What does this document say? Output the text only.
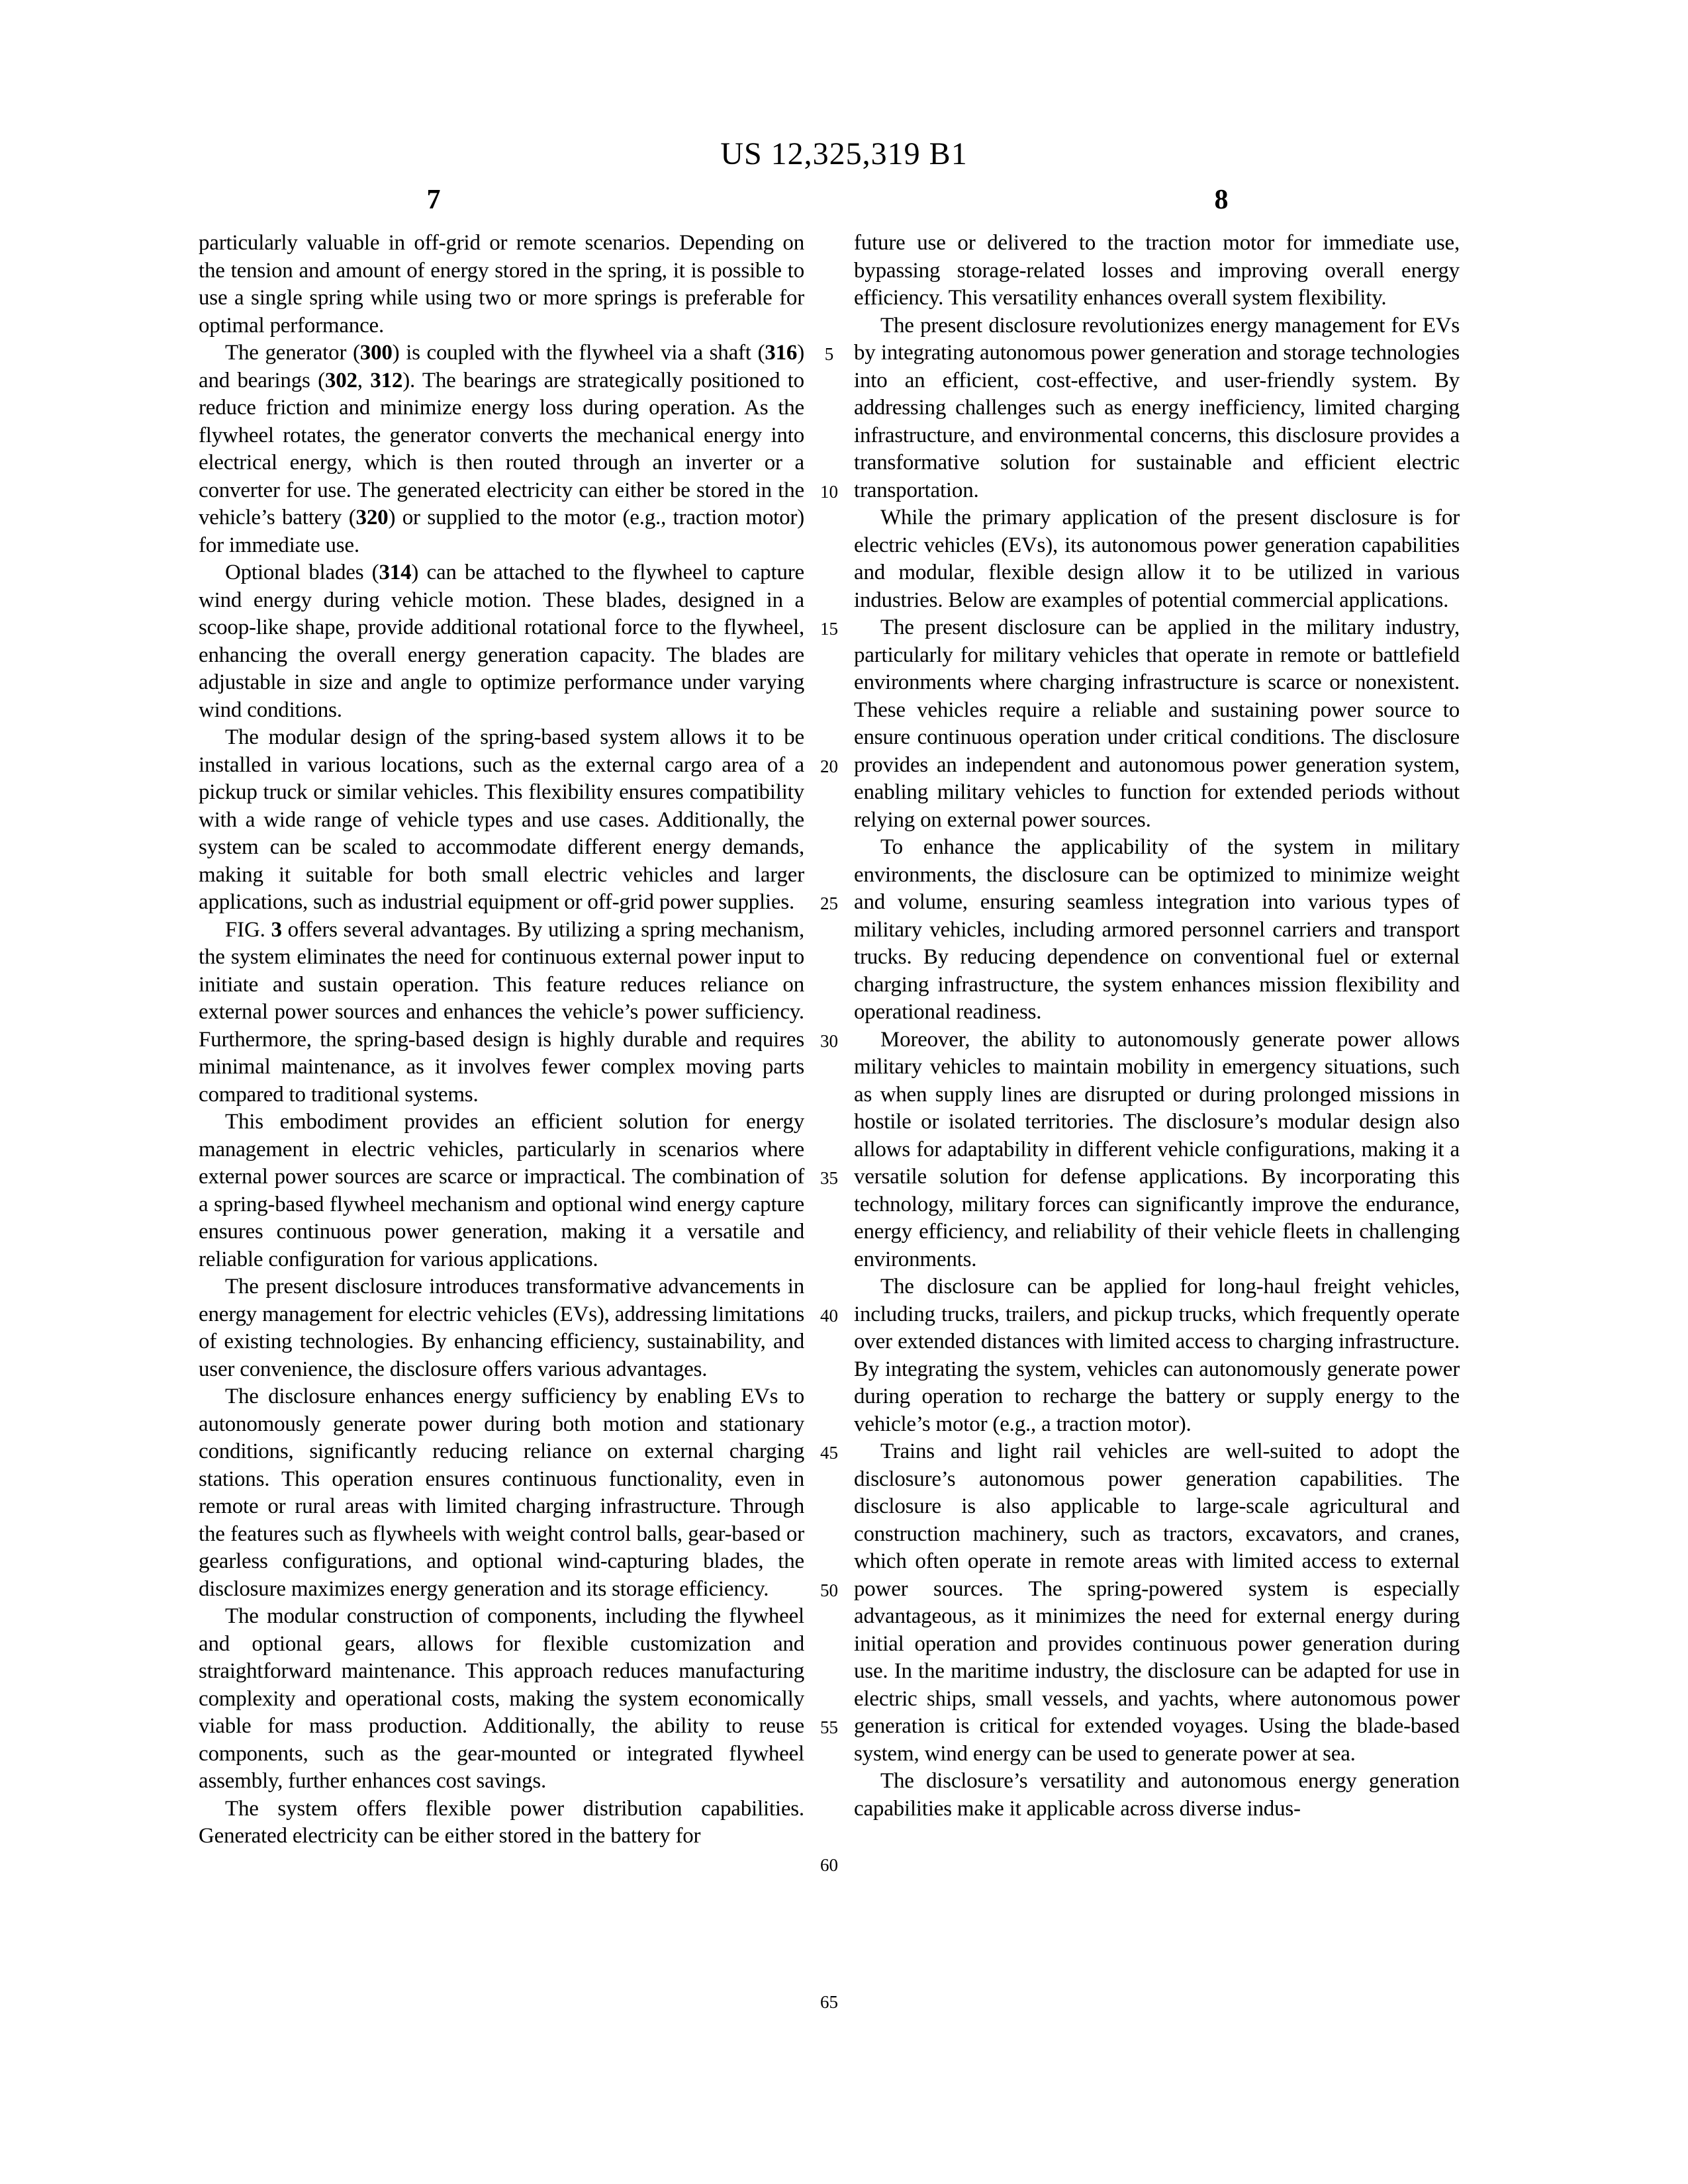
US 12,325,319 B1
7	8

particularly valuable in off-grid or remote scenarios. Depending on the tension and amount of energy stored in the spring, it is possible to use a single spring while using two or more springs is preferable for optimal performance.

The generator (300) is coupled with the flywheel via a shaft (316) and bearings (302, 312). The bearings are strategically positioned to reduce friction and minimize energy loss during operation. As the flywheel rotates, the generator converts the mechanical energy into electrical energy, which is then routed through an inverter or a converter for use. The generated electricity can either be stored in the vehicle’s battery (320) or supplied to the motor (e.g., traction motor) for immediate use.

Optional blades (314) can be attached to the flywheel to capture wind energy during vehicle motion. These blades, designed in a scoop-like shape, provide additional rotational force to the flywheel, enhancing the overall energy generation capacity. The blades are adjustable in size and angle to optimize performance under varying wind conditions.

The modular design of the spring-based system allows it to be installed in various locations, such as the external cargo area of a pickup truck or similar vehicles. This flexibility ensures compatibility with a wide range of vehicle types and use cases. Additionally, the system can be scaled to accommodate different energy demands, making it suitable for both small electric vehicles and larger applications, such as industrial equipment or off-grid power supplies.

FIG. 3 offers several advantages. By utilizing a spring mechanism, the system eliminates the need for continuous external power input to initiate and sustain operation. This feature reduces reliance on external power sources and enhances the vehicle’s power sufficiency. Furthermore, the spring-based design is highly durable and requires minimal maintenance, as it involves fewer complex moving parts compared to traditional systems.

This embodiment provides an efficient solution for energy management in electric vehicles, particularly in scenarios where external power sources are scarce or impractical. The combination of a spring-based flywheel mechanism and optional wind energy capture ensures continuous power generation, making it a versatile and reliable configuration for various applications.

The present disclosure introduces transformative advancements in energy management for electric vehicles (EVs), addressing limitations of existing technologies. By enhancing efficiency, sustainability, and user convenience, the disclosure offers various advantages.

The disclosure enhances energy sufficiency by enabling EVs to autonomously generate power during both motion and stationary conditions, significantly reducing reliance on external charging stations. This operation ensures continuous functionality, even in remote or rural areas with limited charging infrastructure. Through the features such as flywheels with weight control balls, gear-based or gearless configurations, and optional wind-capturing blades, the disclosure maximizes energy generation and its storage efficiency.

The modular construction of components, including the flywheel and optional gears, allows for flexible customization and straightforward maintenance. This approach reduces manufacturing complexity and operational costs, making the system economically viable for mass production. Additionally, the ability to reuse components, such as the gear-mounted or integrated flywheel assembly, further enhances cost savings.

The system offers flexible power distribution capabilities. Generated electricity can be either stored in the battery for

5
10
15
20
25
30
35
40
45
50
55
60
65

future use or delivered to the traction motor for immediate use, bypassing storage-related losses and improving overall energy efficiency. This versatility enhances overall system flexibility.

The present disclosure revolutionizes energy management for EVs by integrating autonomous power generation and storage technologies into an efficient, cost-effective, and user-friendly system. By addressing challenges such as energy inefficiency, limited charging infrastructure, and environmental concerns, this disclosure provides a transformative solution for sustainable and efficient electric transportation.

While the primary application of the present disclosure is for electric vehicles (EVs), its autonomous power generation capabilities and modular, flexible design allow it to be utilized in various industries. Below are examples of potential commercial applications.

The present disclosure can be applied in the military industry, particularly for military vehicles that operate in remote or battlefield environments where charging infrastructure is scarce or nonexistent. These vehicles require a reliable and sustaining power source to ensure continuous operation under critical conditions. The disclosure provides an independent and autonomous power generation system, enabling military vehicles to function for extended periods without relying on external power sources.

To enhance the applicability of the system in military environments, the disclosure can be optimized to minimize weight and volume, ensuring seamless integration into various types of military vehicles, including armored personnel carriers and transport trucks. By reducing dependence on conventional fuel or external charging infrastructure, the system enhances mission flexibility and operational readiness.

Moreover, the ability to autonomously generate power allows military vehicles to maintain mobility in emergency situations, such as when supply lines are disrupted or during prolonged missions in hostile or isolated territories. The disclosure’s modular design also allows for adaptability in different vehicle configurations, making it a versatile solution for defense applications. By incorporating this technology, military forces can significantly improve the endurance, energy efficiency, and reliability of their vehicle fleets in challenging environments.

The disclosure can be applied for long-haul freight vehicles, including trucks, trailers, and pickup trucks, which frequently operate over extended distances with limited access to charging infrastructure. By integrating the system, vehicles can autonomously generate power during operation to recharge the battery or supply energy to the vehicle’s motor (e.g., a traction motor).

Trains and light rail vehicles are well-suited to adopt the disclosure’s autonomous power generation capabilities. The disclosure is also applicable to large-scale agricultural and construction machinery, such as tractors, excavators, and cranes, which often operate in remote areas with limited access to external power sources. The spring-powered system is especially advantageous, as it minimizes the need for external energy during initial operation and provides continuous power generation during use. In the maritime industry, the disclosure can be adapted for use in electric ships, small vessels, and yachts, where autonomous power generation is critical for extended voyages. Using the blade-based system, wind energy can be used to generate power at sea.

The disclosure’s versatility and autonomous energy generation capabilities make it applicable across diverse indus-
